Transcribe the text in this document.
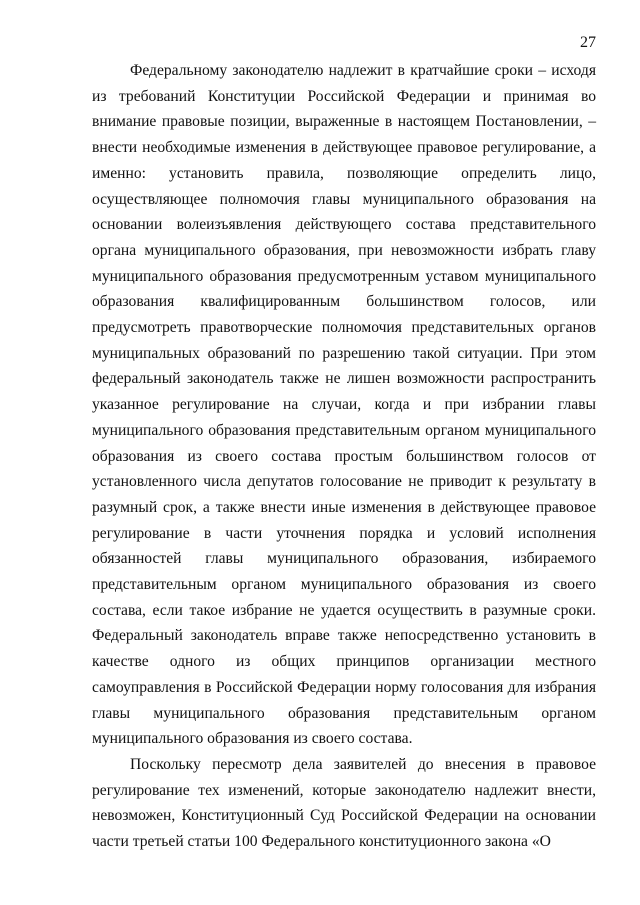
27

Федеральному законодателю надлежит в кратчайшие сроки – исходя из требований Конституции Российской Федерации и принимая во внимание правовые позиции, выраженные в настоящем Постановлении, – внести необходимые изменения в действующее правовое регулирование, а именно: установить правила, позволяющие определить лицо, осуществляющее полномочия главы муниципального образования на основании волеизъявления действующего состава представительного органа муниципального образования, при невозможности избрать главу муниципального образования предусмотренным уставом муниципального образования квалифицированным большинством голосов, или предусмотреть правотворческие полномочия представительных органов муниципальных образований по разрешению такой ситуации. При этом федеральный законодатель также не лишен возможности распространить указанное регулирование на случаи, когда и при избрании главы муниципального образования представительным органом муниципального образования из своего состава простым большинством голосов от установленного числа депутатов голосование не приводит к результату в разумный срок, а также внести иные изменения в действующее правовое регулирование в части уточнения порядка и условий исполнения обязанностей главы муниципального образования, избираемого представительным органом муниципального образования из своего состава, если такое избрание не удается осуществить в разумные сроки. Федеральный законодатель вправе также непосредственно установить в качестве одного из общих принципов организации местного самоуправления в Российской Федерации норму голосования для избрания главы муниципального образования представительным органом муниципального образования из своего состава.

Поскольку пересмотр дела заявителей до внесения в правовое регулирование тех изменений, которые законодателю надлежит внести, невозможен, Конституционный Суд Российской Федерации на основании части третьей статьи 100 Федерального конституционного закона «О
